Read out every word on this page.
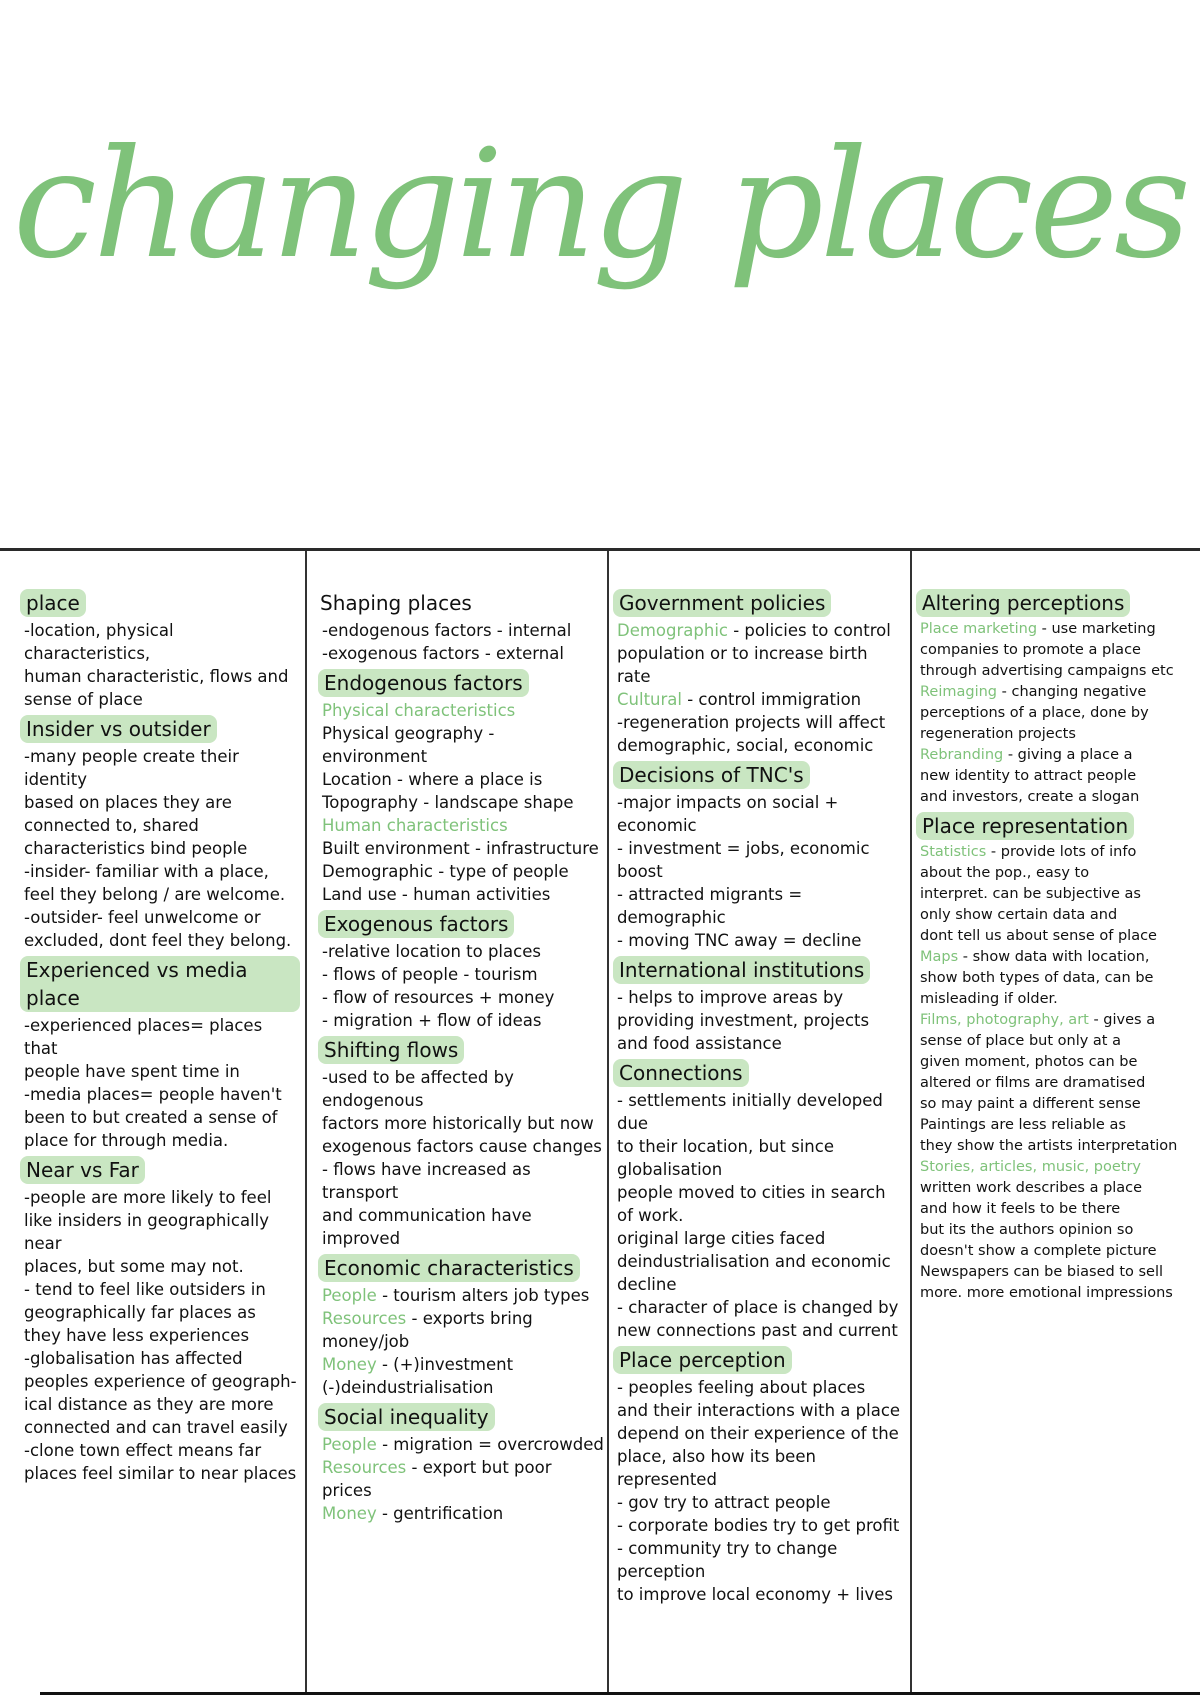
changing places
place
-location, physical characteristics,
human characteristic, flows and
sense of place
Insider vs outsider
-many people create their identity
based on places they are
connected to, shared
characteristics bind people
-insider- familiar with a place,
feel they belong / are welcome.
-outsider- feel unwelcome or
excluded, dont feel they belong.
Experienced vs media place
-experienced places= places that
people have spent time in
-media places= people haven't
been to but created a sense of
place for through media.
Near vs Far
-people are more likely to feel
like insiders in geographically near
places, but some may not.
- tend to feel like outsiders in
geographically far places as
they have less experiences
-globalisation has affected
peoples experience of geograph-
ical distance as they are more
connected and can travel easily
-clone town effect means far
places feel similar to near places
Shaping places
-endogenous factors - internal
-exogenous factors - external
Endogenous factors
Physical characteristics
Physical geography - environment
Location - where a place is
Topography - landscape shape
Human characteristics
Built environment - infrastructure
Demographic - type of people
Land use - human activities
Exogenous factors
-relative location to places
- flows of people - tourism
- flow of resources + money
- migration + flow of ideas
Shifting flows
-used to be affected by endogenous
factors more historically but now
exogenous factors cause changes
- flows have increased as transport
and communication have improved
Economic characteristics
People - tourism alters job types
Resources - exports bring money/job
Money - (+)investment (-)deindustrialisation
Social inequality
People - migration = overcrowded
Resources - export but poor prices
Money - gentrification
Government policies
Demographic - policies to control
population or to increase birth rate
Cultural - control immigration
-regeneration projects will affect
demographic, social, economic
Decisions of TNC's
-major impacts on social + economic
- investment = jobs, economic boost
- attracted migrants = demographic
- moving TNC away = decline
International institutions
- helps to improve areas by
providing investment, projects
and food assistance
Connections
- settlements initially developed due
to their location, but since globalisation
people moved to cities in search of work.
original large cities faced
deindustrialisation and economic decline
- character of place is changed by
new connections past and current
Place perception
- peoples feeling about places
and their interactions with a place
depend on their experience of the
place, also how its been represented
- gov try to attract people
- corporate bodies try to get profit
- community try to change perception
to improve local economy + lives
Altering perceptions
Place marketing - use marketing
companies to promote a place
through advertising campaigns etc
Reimaging - changing negative
perceptions of a place, done by
regeneration projects
Rebranding - giving a place a
new identity to attract people
and investors, create a slogan
Place representation
Statistics - provide lots of info
about the pop., easy to
interpret. can be subjective as
only show certain data and
dont tell us about sense of place
Maps - show data with location,
show both types of data, can be
misleading if older.
Films, photography, art - gives a
sense of place but only at a
given moment, photos can be
altered or films are dramatised
so may paint a different sense
Paintings are less reliable as
they show the artists interpretation
Stories, articles, music, poetry
written work describes a place
and how it feels to be there
but its the authors opinion so
doesn't show a complete picture
Newspapers can be biased to sell
more. more emotional impressions
